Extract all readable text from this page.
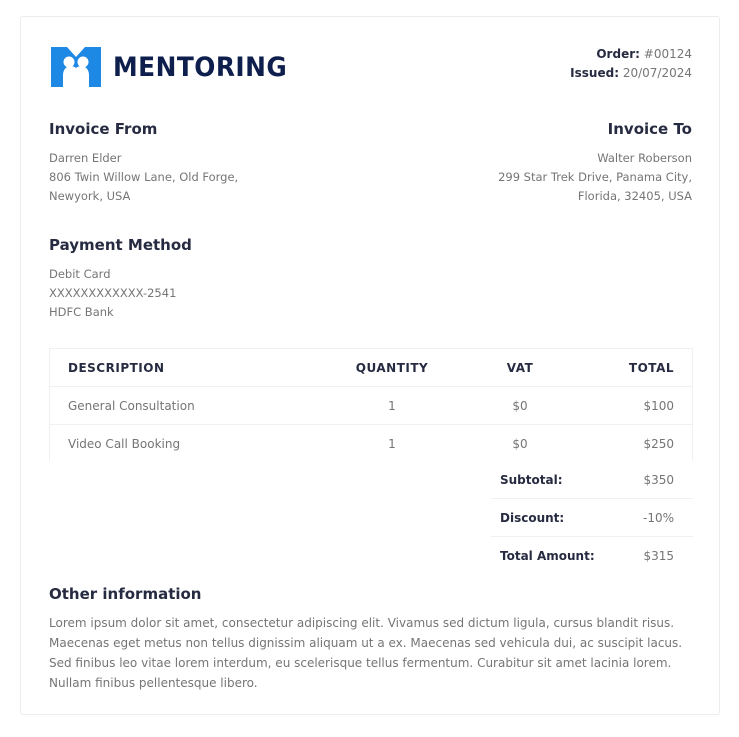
MENTORING	Order: #00124
Issued: 20/07/2024
Invoice From
Darren Elder
806 Twin Willow Lane, Old Forge,
Newyork, USA
Invoice To
Walter Roberson
299 Star Trek Drive, Panama City,
Florida, 32405, USA
Payment Method
Debit Card
XXXXXXXXXXXX-2541
HDFC Bank
DESCRIPTION	QUANTITY	VAT	TOTAL
General Consultation	1	$0	$100
Video Call Booking	1	$0	$250
Subtotal:	$350
Discount:	-10%
Total Amount:	$315
Other information

Lorem ipsum dolor sit amet, consectetur adipiscing elit. Vivamus sed dictum ligula, cursus blandit risus. Maecenas eget metus non tellus dignissim aliquam ut a ex. Maecenas sed vehicula dui, ac suscipit lacus. Sed finibus leo vitae lorem interdum, eu scelerisque tellus fermentum. Curabitur sit amet lacinia lorem. Nullam finibus pellentesque libero.
